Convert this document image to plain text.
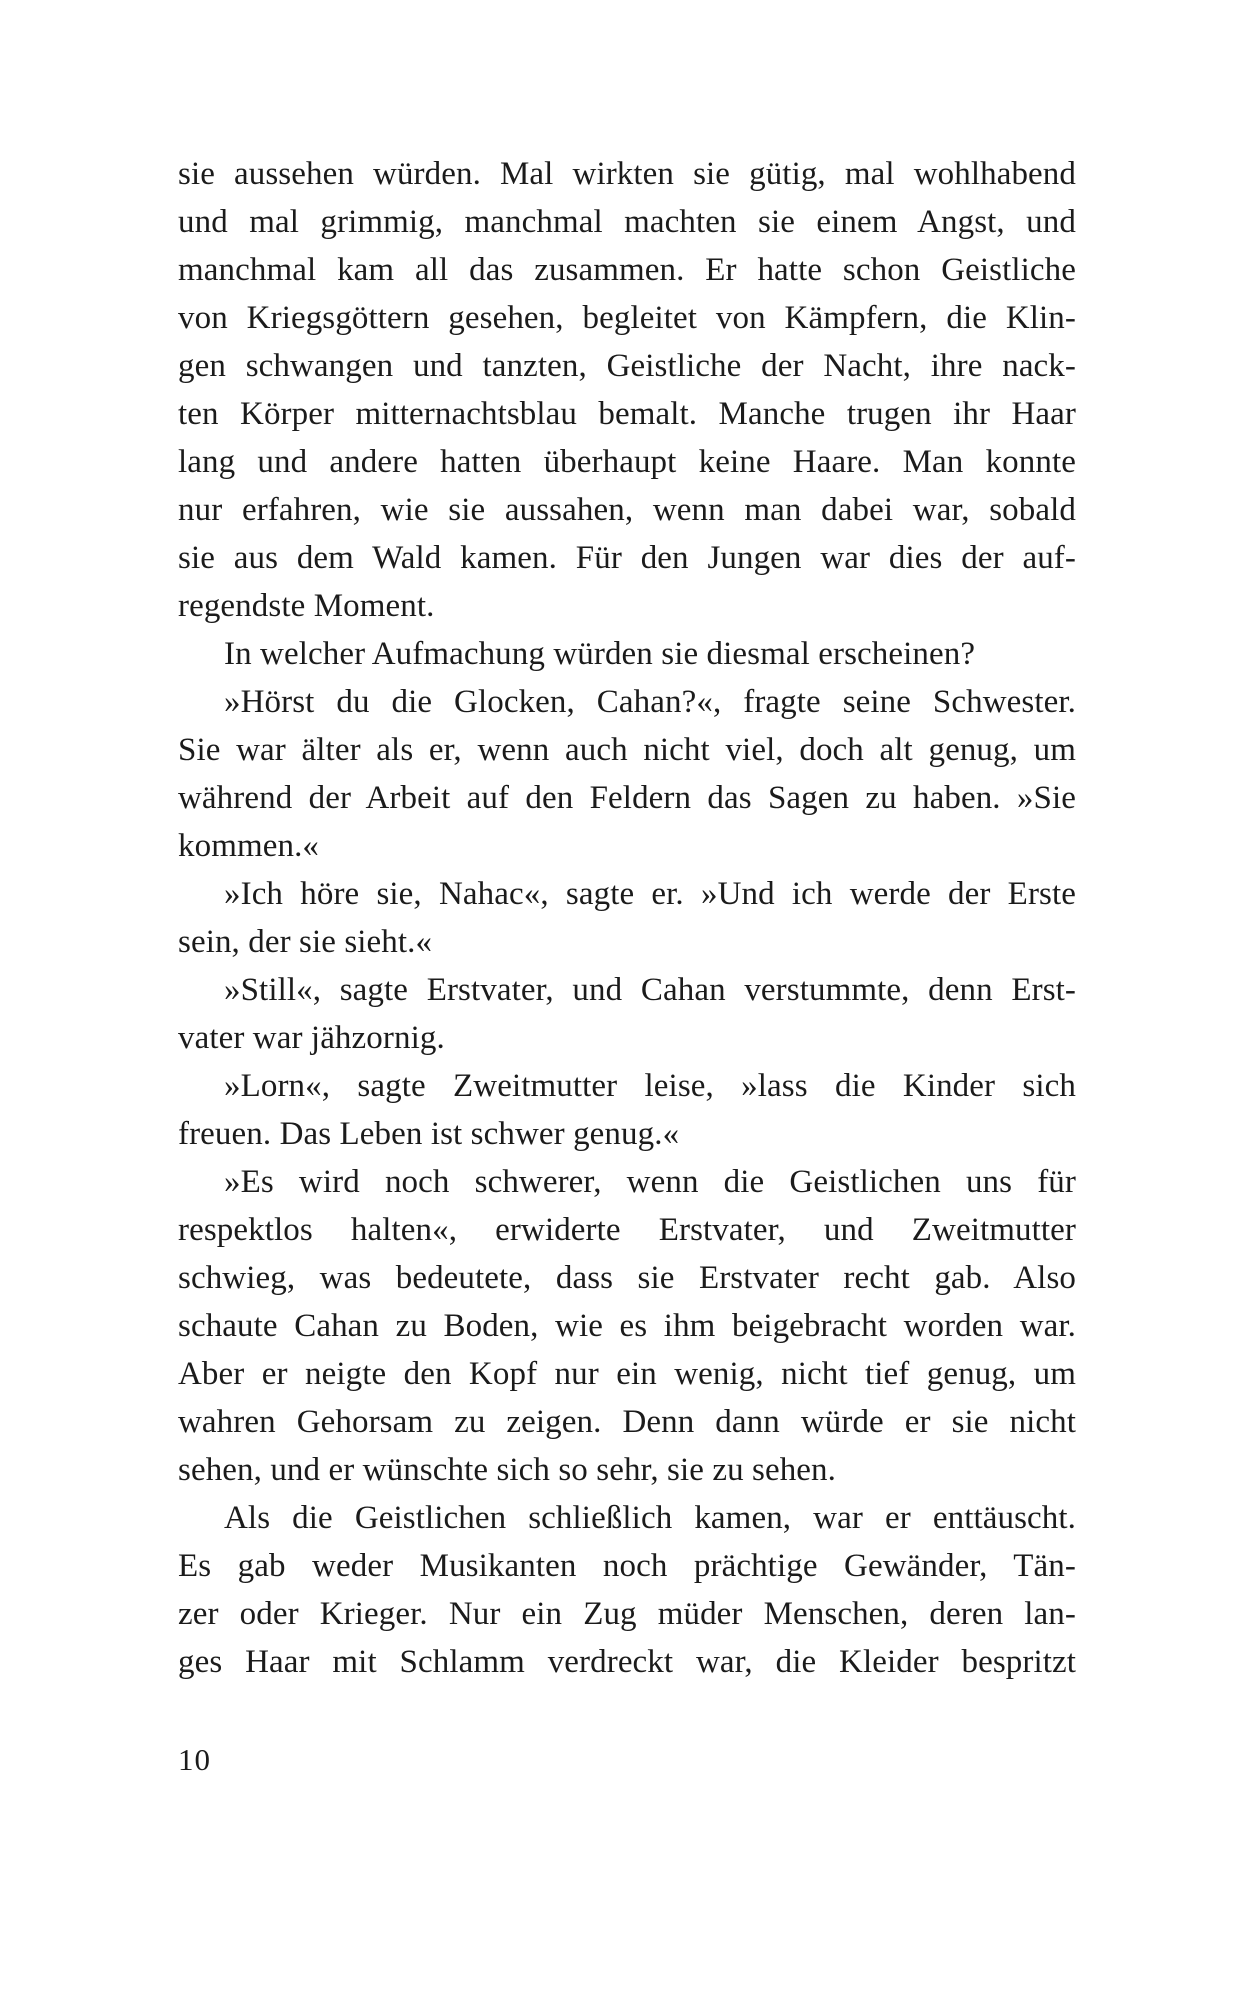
sie aussehen würden. Mal wirkten sie gütig, mal wohlhabend
und mal grimmig, manchmal machten sie einem Angst, und
manchmal kam all das zusammen. Er hatte schon Geistliche
von Kriegsgöttern gesehen, begleitet von Kämpfern, die Klin-
gen schwangen und tanzten, Geistliche der Nacht, ihre nack-
ten Körper mitternachtsblau bemalt. Manche trugen ihr Haar
lang und andere hatten überhaupt keine Haare. Man konnte
nur erfahren, wie sie aussahen, wenn man dabei war, sobald
sie aus dem Wald kamen. Für den Jungen war dies der auf-
regendste Moment.
In welcher Aufmachung würden sie diesmal erscheinen?
»Hörst du die Glocken, Cahan?«, fragte seine Schwester.
Sie war älter als er, wenn auch nicht viel, doch alt genug, um
während der Arbeit auf den Feldern das Sagen zu haben. »Sie
kommen.«
»Ich höre sie, Nahac«, sagte er. »Und ich werde der Erste
sein, der sie sieht.«
»Still«, sagte Erstvater, und Cahan verstummte, denn Erst-
vater war jähzornig.
»Lorn«, sagte Zweitmutter leise, »lass die Kinder sich
freuen. Das Leben ist schwer genug.«
»Es wird noch schwerer, wenn die Geistlichen uns für
respektlos halten«, erwiderte Erstvater, und Zweitmutter
schwieg, was bedeutete, dass sie Erstvater recht gab. Also
schaute Cahan zu Boden, wie es ihm beigebracht worden war.
Aber er neigte den Kopf nur ein wenig, nicht tief genug, um
wahren Gehorsam zu zeigen. Denn dann würde er sie nicht
sehen, und er wünschte sich so sehr, sie zu sehen.
Als die Geistlichen schließlich kamen, war er enttäuscht.
Es gab weder Musikanten noch prächtige Gewänder, Tän-
zer oder Krieger. Nur ein Zug müder Menschen, deren lan-
ges Haar mit Schlamm verdreckt war, die Kleider bespritzt
10
